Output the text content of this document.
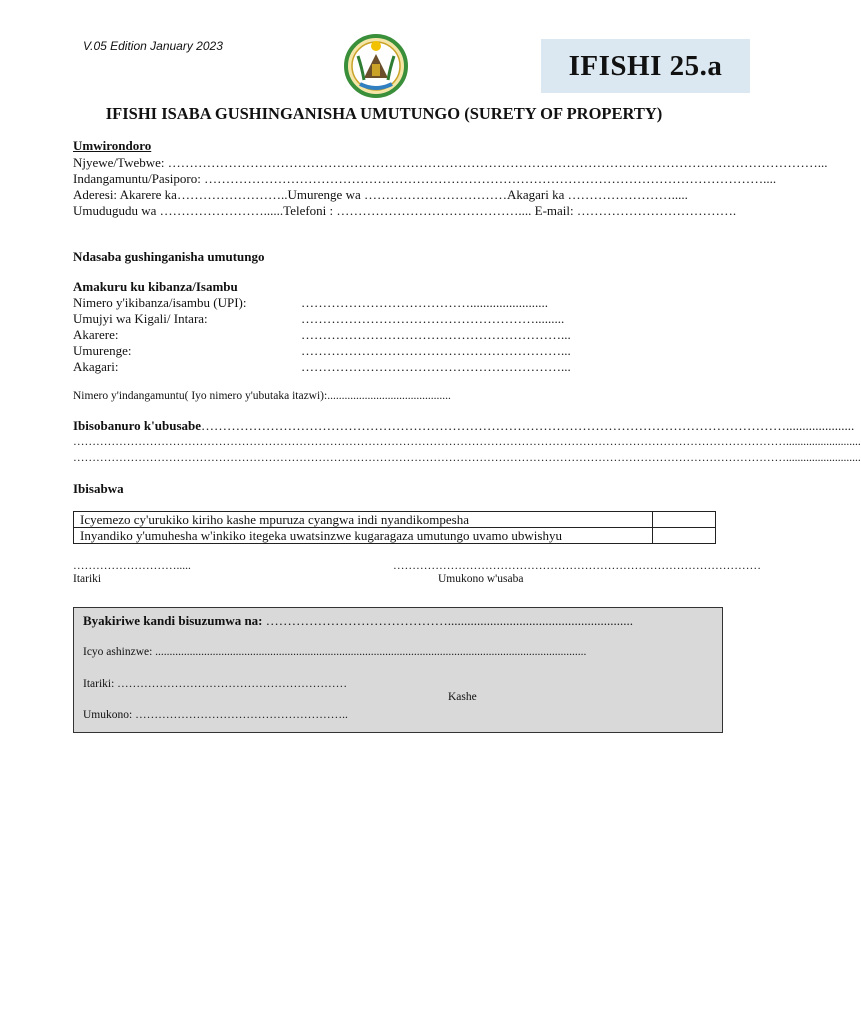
V.05 Edition January 2023
IFISHI 25.a
IFISHI ISABA GUSHINGANISHA UMUTUNGO (SURETY OF PROPERTY)
Umwirondoro
Njyewe/Twebwe: ……………………………………………………………………………………………………………………………………...
Indangamuntu/Pasiporo: …………………………………………………………………………………………………………………....
Aderesi: Akarere ka……………………..Umurenge wa ……………………………Akagari ka …………………….....
Umudugudu wa ……………………......Telefoni : …………………………………….... E-mail: ……………………………….
Ndasaba gushinganisha umutungo
Amakuru ku kibanza/Isambu
Nimero y'ikibanza/isambu (UPI):	…………………………………........................
Umujyi wa Kigali/ Intara:	……………………………………………….........
Akarere:	……………………………………………………...
Umurenge:	……………………………………………………...
Akagari:	……………………………………………………...
Nimero y'indangamuntu( Iyo nimero y'ubutaka itazwi):...........................................
Ibisobanuro k'ubusabe……………………………………………………………………………………………………………………….....................
……………………………………………………………………………………………………………………………………………………………………..........................
……………………………………………………………………………………………………………………………………………………………………..........................
Ibisabwa
Icyemezo cy'urukiko kiriho kashe mpuruza cyangwa indi nyandikompesha	
Inyandiko y'umuhesha w'inkiko itegeka uwatsinzwe kugaragaza umutungo uvamo ubwishyu	
……………………….....
Itariki
……………………………………………………………………………………
Umukono w'usaba
Byakiriwe kandi bisuzumwa na: …………………………………….........................................................
Icyo ashinzwe: ......................................................................................................................................................
Itariki: ……………………………………………………
Kashe
Umukono: ………………………………………………..
